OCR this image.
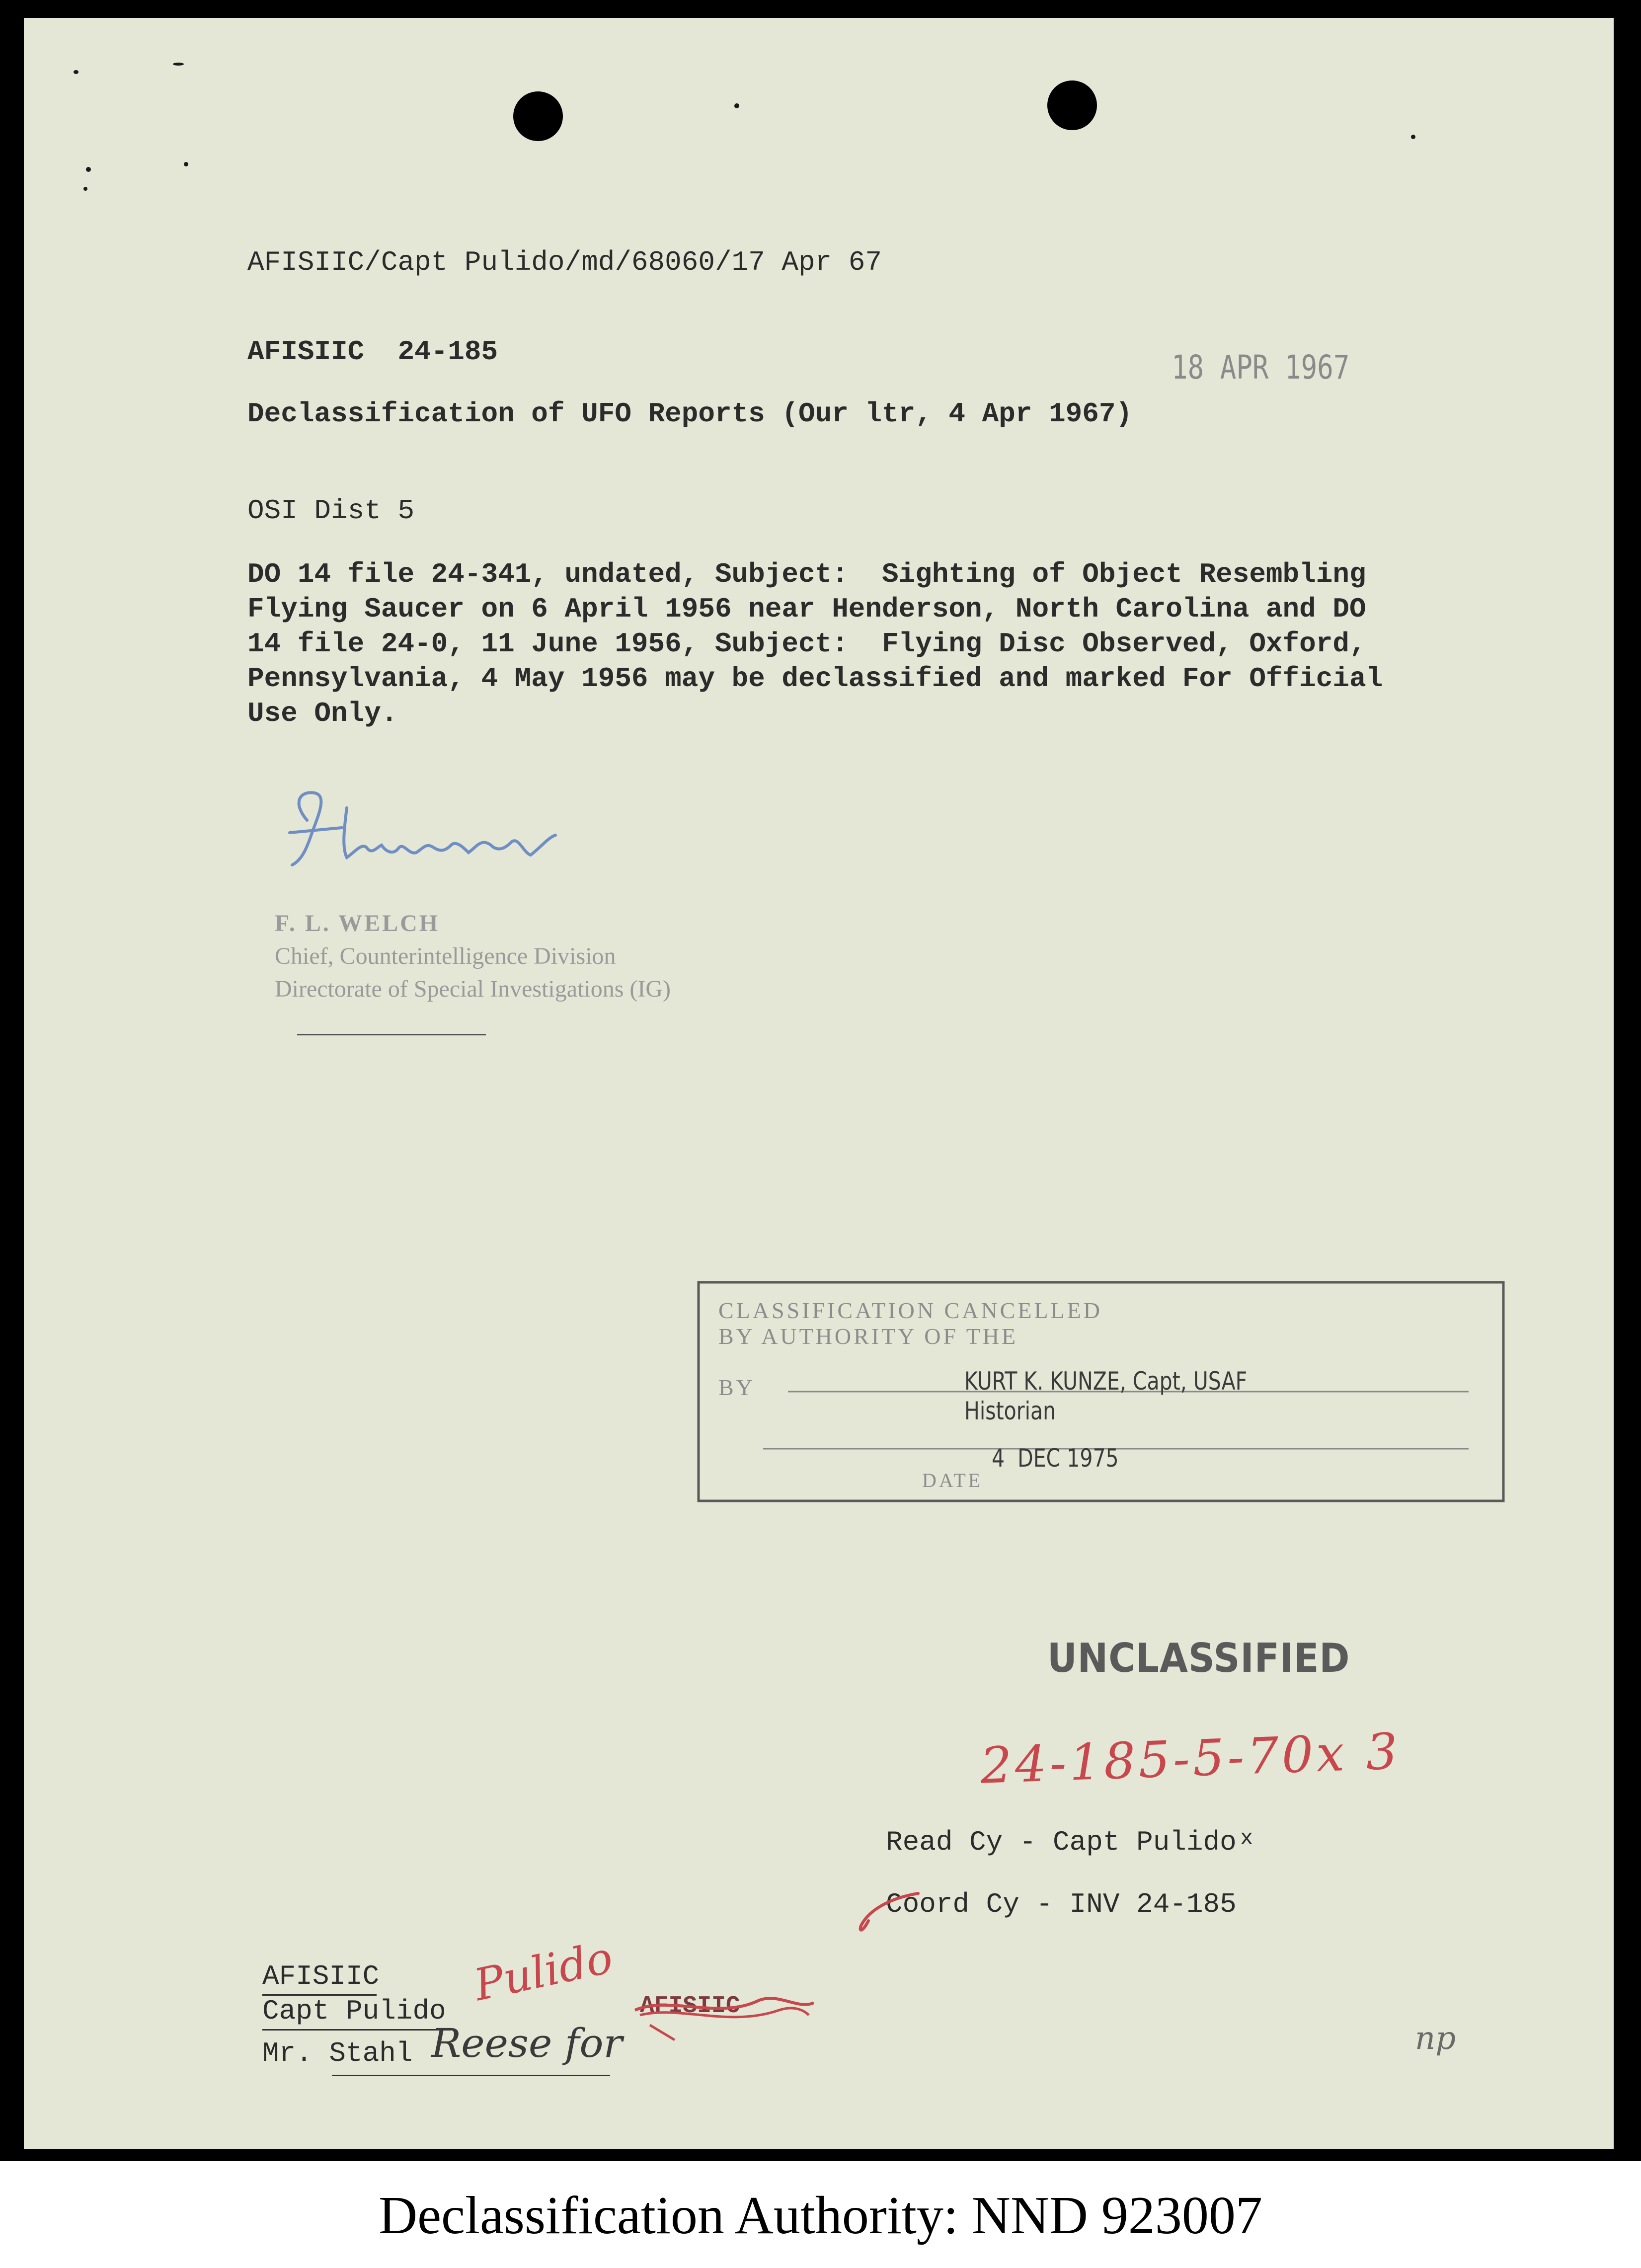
AFISIIC/Capt Pulido/md/68060/17 Apr 67
AFISIIC  24-185	18 APR 1967
Declassification of UFO Reports (Our ltr, 4 Apr 1967)
OSI Dist 5
DO 14 file 24-341, undated, Subject:  Sighting of Object Resembling
Flying Saucer on 6 April 1956 near Henderson, North Carolina and DO
14 file 24-0, 11 June 1956, Subject:  Flying Disc Observed, Oxford,
Pennsylvania, 4 May 1956 may be declassified and marked For Official
Use Only.
F. L. WELCH
Chief, Counterintelligence Division
Directorate of Special Investigations (IG)
CLASSIFICATION CANCELLED
BY AUTHORITY OF THE
BY	KURT K. KUNZE, Capt, USAF
Historian
4  DEC 1975
DATE
UNCLASSIFIED
24-185-5-70x 3
Read Cy - Capt Pulido x
Coord Cy - INV 24-185
AFISIIC
Capt Pulido
Mr. Stahl
Pulido AFISIIC
Reese for	np
Declassification Authority: NND 923007
